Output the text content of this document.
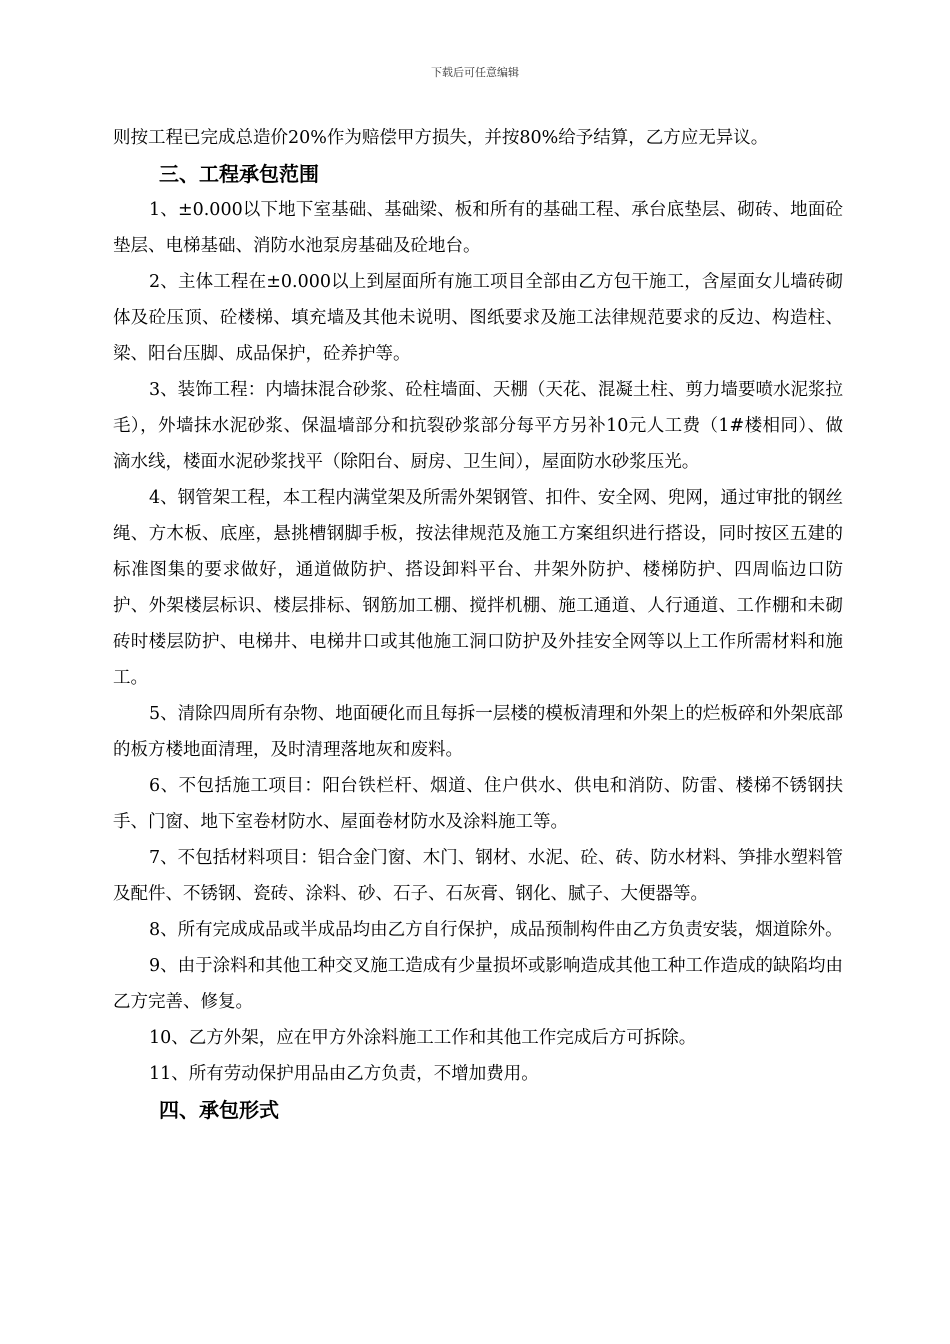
下载后可任意编辑

则按工程已完成总造价20%作为赔偿甲方损失，并按80%给予结算，乙方应无异议。

三、工程承包范围

1、±0.000以下地下室基础、基础梁、板和所有的基础工程、承台底垫层、砌砖、地面砼垫层、电梯基础、消防水池泵房基础及砼地台。

2、主体工程在±0.000以上到屋面所有施工项目全部由乙方包干施工，含屋面女儿墙砖砌体及砼压顶、砼楼梯、填充墙及其他未说明、图纸要求及施工法律规范要求的反边、构造柱、梁、阳台压脚、成品保护，砼养护等。

3、装饰工程：内墙抹混合砂浆、砼柱墙面、天棚（天花、混凝土柱、剪力墙要喷水泥浆拉毛），外墙抹水泥砂浆、保温墙部分和抗裂砂浆部分每平方另补10元人工费（1#楼相同）、做滴水线，楼面水泥砂浆找平（除阳台、厨房、卫生间），屋面防水砂浆压光。

4、钢管架工程，本工程内满堂架及所需外架钢管、扣件、安全网、兜网，通过审批的钢丝绳、方木板、底座，悬挑槽钢脚手板，按法律规范及施工方案组织进行搭设，同时按区五建的标准图集的要求做好，通道做防护、搭设卸料平台、井架外防护、楼梯防护、四周临边口防护、外架楼层标识、楼层排标、钢筋加工棚、搅拌机棚、施工通道、人行通道、工作棚和未砌砖时楼层防护、电梯井、电梯井口或其他施工洞口防护及外挂安全网等以上工作所需材料和施工。

5、清除四周所有杂物、地面硬化而且每拆一层楼的模板清理和外架上的烂板碎和外架底部的板方楼地面清理，及时清理落地灰和废料。

6、不包括施工项目：阳台铁栏杆、烟道、住户供水、供电和消防、防雷、楼梯不锈钢扶手、门窗、地下室卷材防水、屋面卷材防水及涂料施工等。

7、不包括材料项目：铝合金门窗、木门、钢材、水泥、砼、砖、防水材料、笋排水塑料管及配件、不锈钢、瓷砖、涂料、砂、石子、石灰膏、钢化、腻子、大便器等。

8、所有完成成品或半成品均由乙方自行保护，成品预制构件由乙方负责安装，烟道除外。

9、由于涂料和其他工种交叉施工造成有少量损坏或影响造成其他工种工作造成的缺陷均由乙方完善、修复。

10、乙方外架，应在甲方外涂料施工工作和其他工作完成后方可拆除。

11、所有劳动保护用品由乙方负责，不增加费用。

四、承包形式
